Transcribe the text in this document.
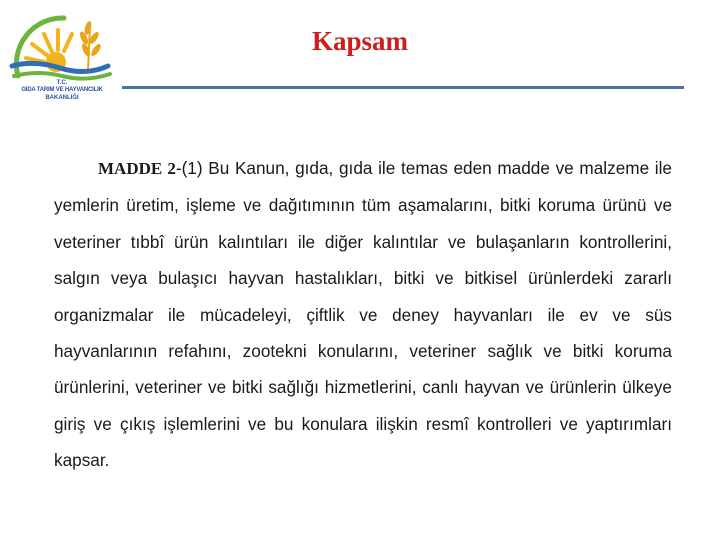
T.C.
GIDA TARIM VE HAYVANCILIK
BAKANLIĞI
Kapsam

MADDE 2-(1) Bu Kanun, gıda, gıda ile temas eden madde ve malzeme ile yemlerin üretim, işleme ve dağıtımının tüm aşamalarını, bitki koruma ürünü ve veteriner tıbbî ürün kalıntıları ile diğer kalıntılar ve bulaşanların kontrollerini, salgın veya bulaşıcı hayvan hastalıkları, bitki ve bitkisel ürünlerdeki zararlı organizmalar ile mücadeleyi, çiftlik ve deney hayvanları ile ev ve süs hayvanlarının refahını, zootekni konularını, veteriner sağlık ve bitki koruma ürünlerini, veteriner ve bitki sağlığı hizmetlerini, canlı hayvan ve ürünlerin ülkeye giriş ve çıkış işlemlerini ve bu konulara ilişkin resmî kontrolleri ve yaptırımları kapsar.
